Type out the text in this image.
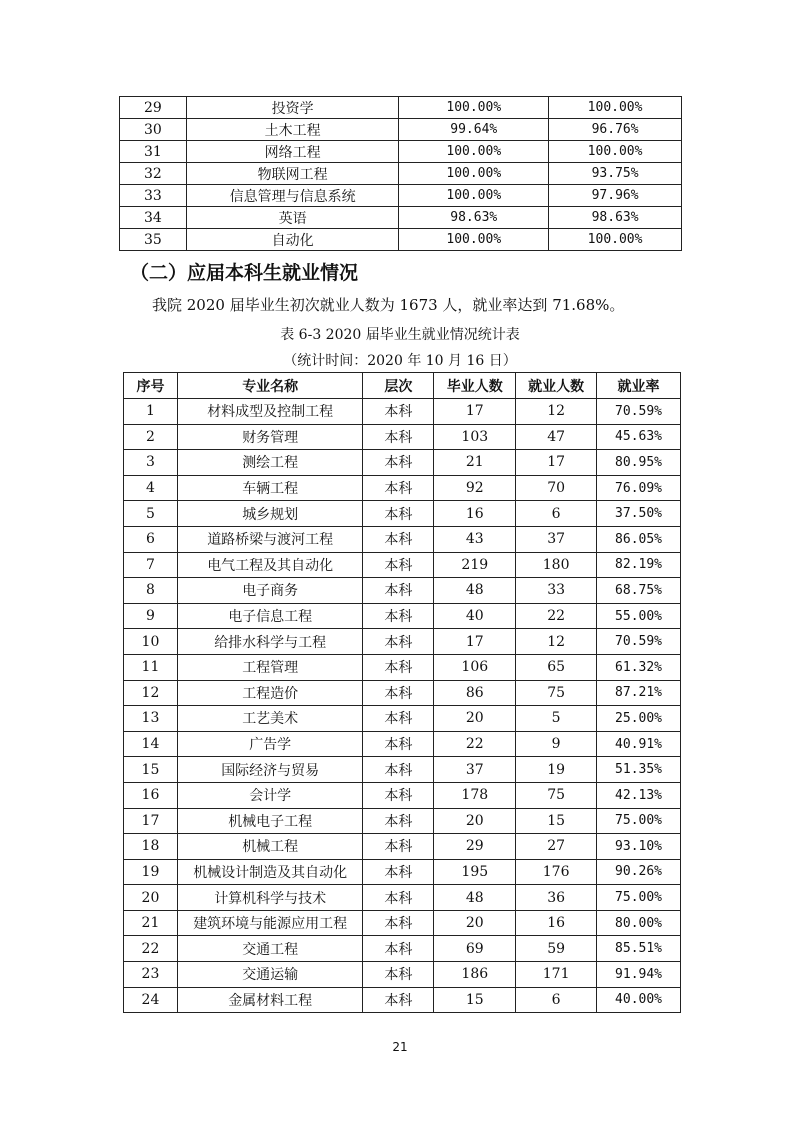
29	投资学	100.00%	100.00%
30	土木工程	99.64%	96.76%
31	网络工程	100.00%	100.00%
32	物联网工程	100.00%	93.75%
33	信息管理与信息系统	100.00%	97.96%
34	英语	98.63%	98.63%
35	自动化	100.00%	100.00%
（二）应届本科生就业情况

我院 2020 届毕业生初次就业人数为 1673 人，就业率达到 71.68%。

表 6-3 2020 届毕业生就业情况统计表

（统计时间：2020 年 10 月 16 日）

序号	专业名称	层次	毕业人数	就业人数	就业率
1	材料成型及控制工程	本科	17	12	70.59%
2	财务管理	本科	103	47	45.63%
3	测绘工程	本科	21	17	80.95%
4	车辆工程	本科	92	70	76.09%
5	城乡规划	本科	16	6	37.50%
6	道路桥梁与渡河工程	本科	43	37	86.05%
7	电气工程及其自动化	本科	219	180	82.19%
8	电子商务	本科	48	33	68.75%
9	电子信息工程	本科	40	22	55.00%
10	给排水科学与工程	本科	17	12	70.59%
11	工程管理	本科	106	65	61.32%
12	工程造价	本科	86	75	87.21%
13	工艺美术	本科	20	5	25.00%
14	广告学	本科	22	9	40.91%
15	国际经济与贸易	本科	37	19	51.35%
16	会计学	本科	178	75	42.13%
17	机械电子工程	本科	20	15	75.00%
18	机械工程	本科	29	27	93.10%
19	机械设计制造及其自动化	本科	195	176	90.26%
20	计算机科学与技术	本科	48	36	75.00%
21	建筑环境与能源应用工程	本科	20	16	80.00%
22	交通工程	本科	69	59	85.51%
23	交通运输	本科	186	171	91.94%
24	金属材料工程	本科	15	6	40.00%
21
